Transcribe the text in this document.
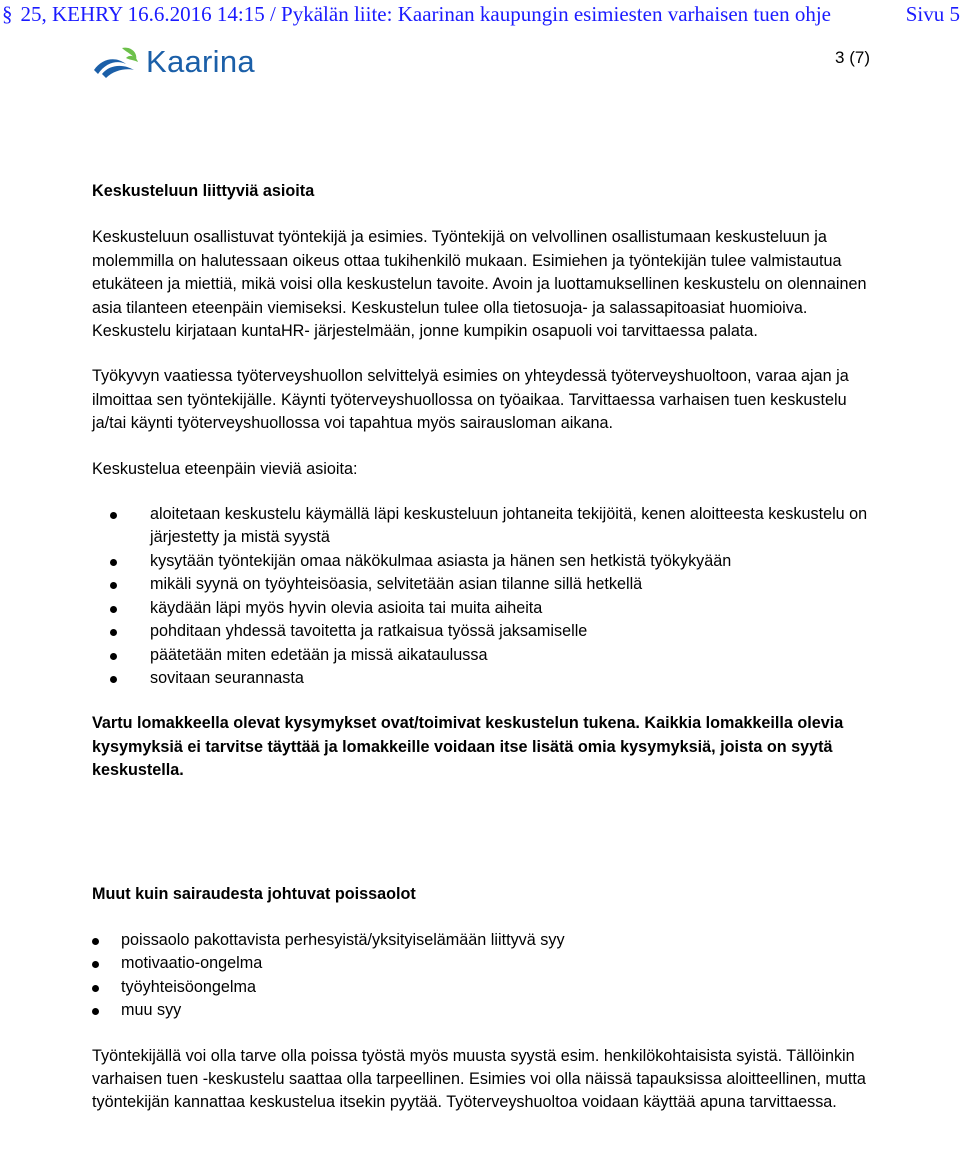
§ 25, KEHRY 16.6.2016 14:15 / Pykälän liite: Kaarinan kaupungin esimiesten varhaisen tuen ohje	Sivu 5
Kaarina	3 (7)
Keskusteluun liittyviä asioita

Keskusteluun osallistuvat työntekijä ja esimies. Työntekijä on velvollinen osallistumaan keskusteluun ja molemmilla on halutessaan oikeus ottaa tukihenkilö mukaan. Esimiehen ja työntekijän tulee valmistautua etukäteen ja miettiä, mikä voisi olla keskustelun tavoite. Avoin ja luottamuksellinen keskustelu on olennainen asia tilanteen eteenpäin viemiseksi. Keskustelun tulee olla tietosuoja- ja salassapitoasiat huomioiva. Keskustelu kirjataan kuntaHR- järjestelmään, jonne kumpikin osapuoli voi tarvittaessa palata.

Työkyvyn vaatiessa työterveyshuollon selvittelyä esimies on yhteydessä työterveyshuoltoon, varaa ajan ja ilmoittaa sen työntekijälle. Käynti työterveyshuollossa on työaikaa. Tarvittaessa varhaisen tuen keskustelu ja/tai käynti työterveyshuollossa voi tapahtua myös sairausloman aikana.

Keskustelua eteenpäin vieviä asioita:

aloitetaan keskustelu käymällä läpi keskusteluun johtaneita tekijöitä, kenen aloitteesta keskustelu on järjestetty ja mistä syystä
kysytään työntekijän omaa näkökulmaa asiasta ja hänen sen hetkistä työkykyään
mikäli syynä on työyhteisöasia, selvitetään asian tilanne sillä hetkellä
käydään läpi myös hyvin olevia asioita tai muita aiheita
pohditaan yhdessä tavoitetta ja ratkaisua työssä jaksamiselle
päätetään miten edetään ja missä aikataulussa
sovitaan seurannasta

Vartu lomakkeella olevat kysymykset ovat/toimivat keskustelun tukena. Kaikkia lomakkeilla olevia kysymyksiä ei tarvitse täyttää ja lomakkeille voidaan itse lisätä omia kysymyksiä, joista on syytä keskustella.

Muut kuin sairaudesta johtuvat poissaolot
poissaolo pakottavista perhesyistä/yksityiselämään liittyvä syy
motivaatio-ongelma
työyhteisöongelma
muu syy

Työntekijällä voi olla tarve olla poissa työstä myös muusta syystä esim. henkilökohtaisista syistä. Tällöinkin varhaisen tuen -keskustelu saattaa olla tarpeellinen. Esimies voi olla näissä tapauksissa aloitteellinen, mutta työntekijän kannattaa keskustelua itsekin pyytää. Työterveyshuoltoa voidaan käyttää apuna tarvittaessa.
